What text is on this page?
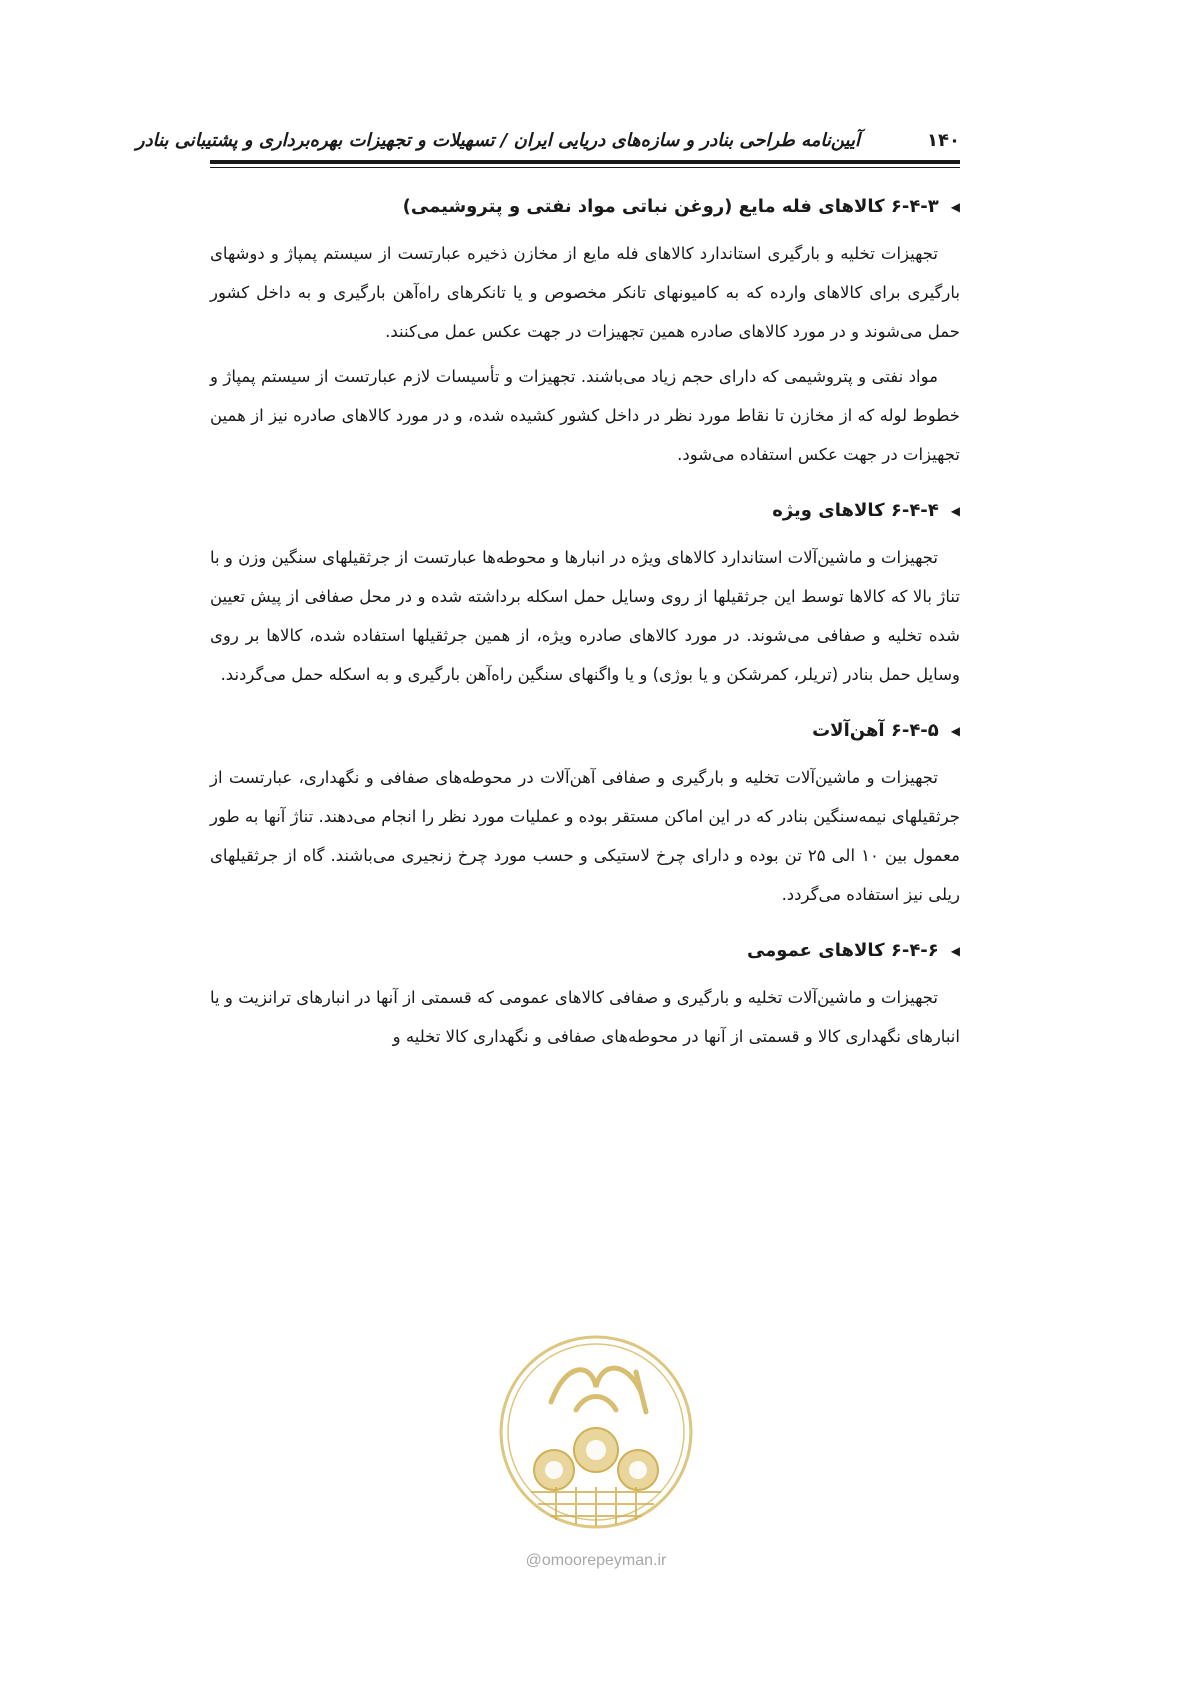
آیین‌نامه طراحی بنادر و سازه‌های دریایی ایران / تسهیلات و تجهیزات بهره‌برداری و پشتیبانی بنادر	۱۴۰
◀
۶-۴-۳ کالاهای فله مایع (روغن نباتی مواد نفتی و پتروشیمی)

تجهیزات تخلیه و بارگیری استاندارد کالاهای فله مایع از مخازن ذخیره عبارتست از سیستم پمپاژ و دوشهای بارگیری برای کالاهای وارده که به کامیونهای تانکر مخصوص و یا تانکرهای راه‌آهن بارگیری و به داخل کشور حمل می‌شوند و در مورد کالاهای صادره همین تجهیزات در جهت عکس عمل می‌کنند.

مواد نفتی و پتروشیمی که دارای حجم زیاد می‌باشند. تجهیزات و تأسیسات لازم عبارتست از سیستم پمپاژ و خطوط لوله که از مخازن تا نقاط مورد نظر در داخل کشور کشیده شده، و در مورد کالاهای صادره نیز از همین تجهیزات در جهت عکس استفاده می‌شود.

◀
۶-۴-۴ کالاهای ویژه

تجهیزات و ماشین‌آلات استاندارد کالاهای ویژه در انبارها و محوطه‌ها عبارتست از جرثقیلهای سنگین وزن و با تناژ بالا که کالاها توسط این جرثقیلها از روی وسایل حمل اسکله برداشته شده و در محل صفافی از پیش تعیین شده تخلیه و صفافی می‌شوند. در مورد کالاهای صادره ویژه، از همین جرثقیلها استفاده شده، کالاها بر روی وسایل حمل بنادر (تریلر، کمرشکن و یا بوژی) و یا واگنهای سنگین راه‌آهن بارگیری و به اسکله حمل می‌گردند.

◀
۶-۴-۵ آهن‌آلات

تجهیزات و ماشین‌آلات تخلیه و بارگیری و صفافی آهن‌آلات در محوطه‌های صفافی و نگهداری، عبارتست از جرثقیلهای نیمه‌سنگین بنادر که در این اماکن مستقر بوده و عملیات مورد نظر را انجام می‌دهند. تناژ آنها به طور معمول بین ۱۰ الی ۲۵ تن بوده و دارای چرخ لاستیکی و حسب مورد چرخ زنجیری می‌باشند. گاه از جرثقیلهای ریلی نیز استفاده می‌گردد.

◀
۶-۴-۶ کالاهای عمومی

تجهیزات و ماشین‌آلات تخلیه و بارگیری و صفافی کالاهای عمومی که قسمتی از آنها در انبارهای ترانزیت و یا انبارهای نگهداری کالا و قسمتی از آنها در محوطه‌های صفافی و نگهداری کالا تخلیه و

@omoorepeyman.ir
